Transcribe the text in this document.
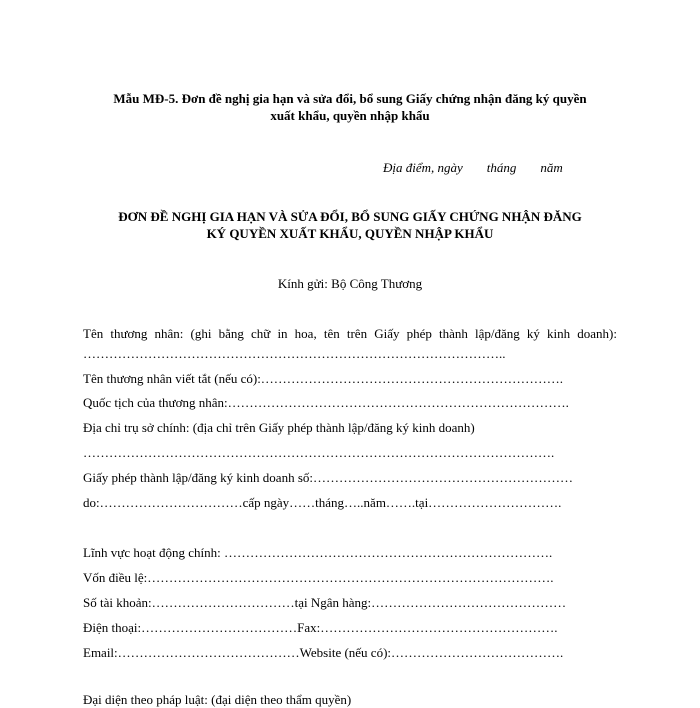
Mẫu MĐ-5. Đơn đề nghị gia hạn và sửa đổi, bổ sung Giấy chứng nhận đăng ký quyền
xuất khẩu, quyền nhập khẩu
Địa điểm, ngày tháng năm
ĐƠN ĐỀ NGHỊ GIA HẠN VÀ SỬA ĐỔI, BỔ SUNG GIẤY CHỨNG NHẬN ĐĂNG
KÝ QUYỀN XUẤT KHẨU, QUYỀN NHẬP KHẨU
Kính gửi: Bộ Công Thương
Tên thương nhân: (ghi bằng chữ in hoa, tên trên Giấy phép thành lập/đăng ký kinh doanh):
……………………………………………………………………………………..
Tên thương nhân viết tắt (nếu có):…………………………………………………………….
Quốc tịch của thương nhân:…………………………………………………………………….
Địa chỉ trụ sở chính: (địa chỉ trên Giấy phép thành lập/đăng ký kinh doanh)
……………………………………………………………………………………………….
Giấy phép thành lập/đăng ký kinh doanh số:……………………………………………………
do:……………………………cấp ngày……tháng…..năm…….tại………………………….
Lĩnh vực hoạt động chính: ………………………………………………………………….
Vốn điều lệ:………………………………………………………………………………….
Số tài khoản:……………………………tại Ngân hàng:………………………………………
Điện thoại:………………………………Fax:……………………………………………….
Email:……………………………………Website (nếu có):………………………………….
Đại diện theo pháp luật: (đại diện theo thẩm quyền)
